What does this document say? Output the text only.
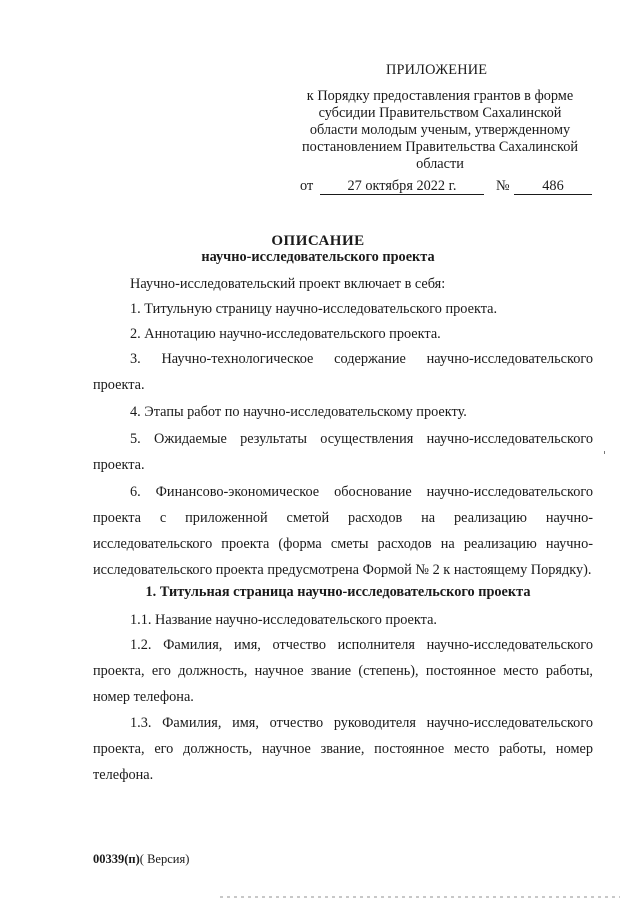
ПРИЛОЖЕНИЕ
к Порядку предоставления грантов в форме
субсидии Правительством Сахалинской
области молодым ученым, утвержденному
постановлением Правительства Сахалинской
области
от	27 октября 2022 г.	№	486
ОПИСАНИЕ
научно-исследовательского проекта
Научно-исследовательский проект включает в себя:
1. Титульную страницу научно-исследовательского проекта.
2. Аннотацию научно-исследовательского проекта.
3. Научно-технологическое содержание научно-исследовательского проекта.
4. Этапы работ по научно-исследовательскому проекту.
5. Ожидаемые результаты осуществления научно-исследовательского проекта.
6. Финансово-экономическое обоснование научно-исследовательского проекта с приложенной сметой расходов на реализацию научно-исследовательского проекта (форма сметы расходов на реализацию научно-исследовательского проекта предусмотрена Формой № 2 к настоящему Порядку).
1. Титульная страница научно-исследовательского проекта
1.1. Название научно-исследовательского проекта.
1.2. Фамилия, имя, отчество исполнителя научно-исследовательского проекта, его должность, научное звание (степень), постоянное место работы, номер телефона.
1.3. Фамилия, имя, отчество руководителя научно-исследовательского проекта, его должность, научное звание, постоянное место работы, номер телефона.
00339(п)( Версия)
